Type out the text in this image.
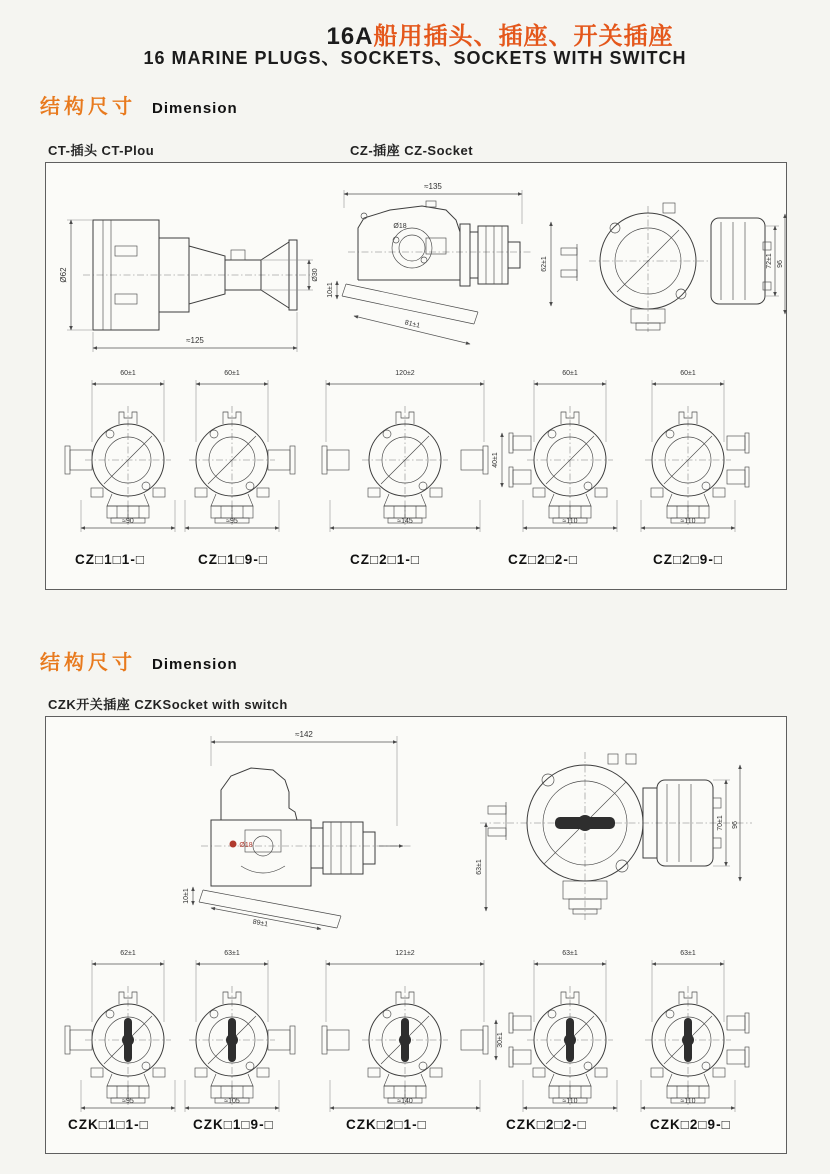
16A船用插头、插座、开关插座
16 MARINE PLUGS、SOCKETS、SOCKETS WITH SWITCH
结构尺寸 Dimension
CT-插头 CT-Plou	CZ-插座 CZ-Socket
Ø62
≈125
Ø30
Ø18
≈135
10±1
81±1
62±1	72±1 96
60±1
≈90
60±1
≈95
120±2
≈145
60±1
≈110
40±1
60±1
≈110
CZ□1□1-□	CZ□1□9-□	CZ□2□1-□	CZ□2□2-□	CZ□2□9-□
结构尺寸 Dimension
CZK开关插座 CZKSocket with switch
Ø18
≈142
10±1
89±1
63±1
70±1 96
62±1
≈95
63±1
≈105
121±2
≈140
30±1
63±1
≈110
63±1
≈110
CZK□1□1-□	CZK□1□9-□	CZK□2□1-□	CZK□2□2-□	CZK□2□9-□
